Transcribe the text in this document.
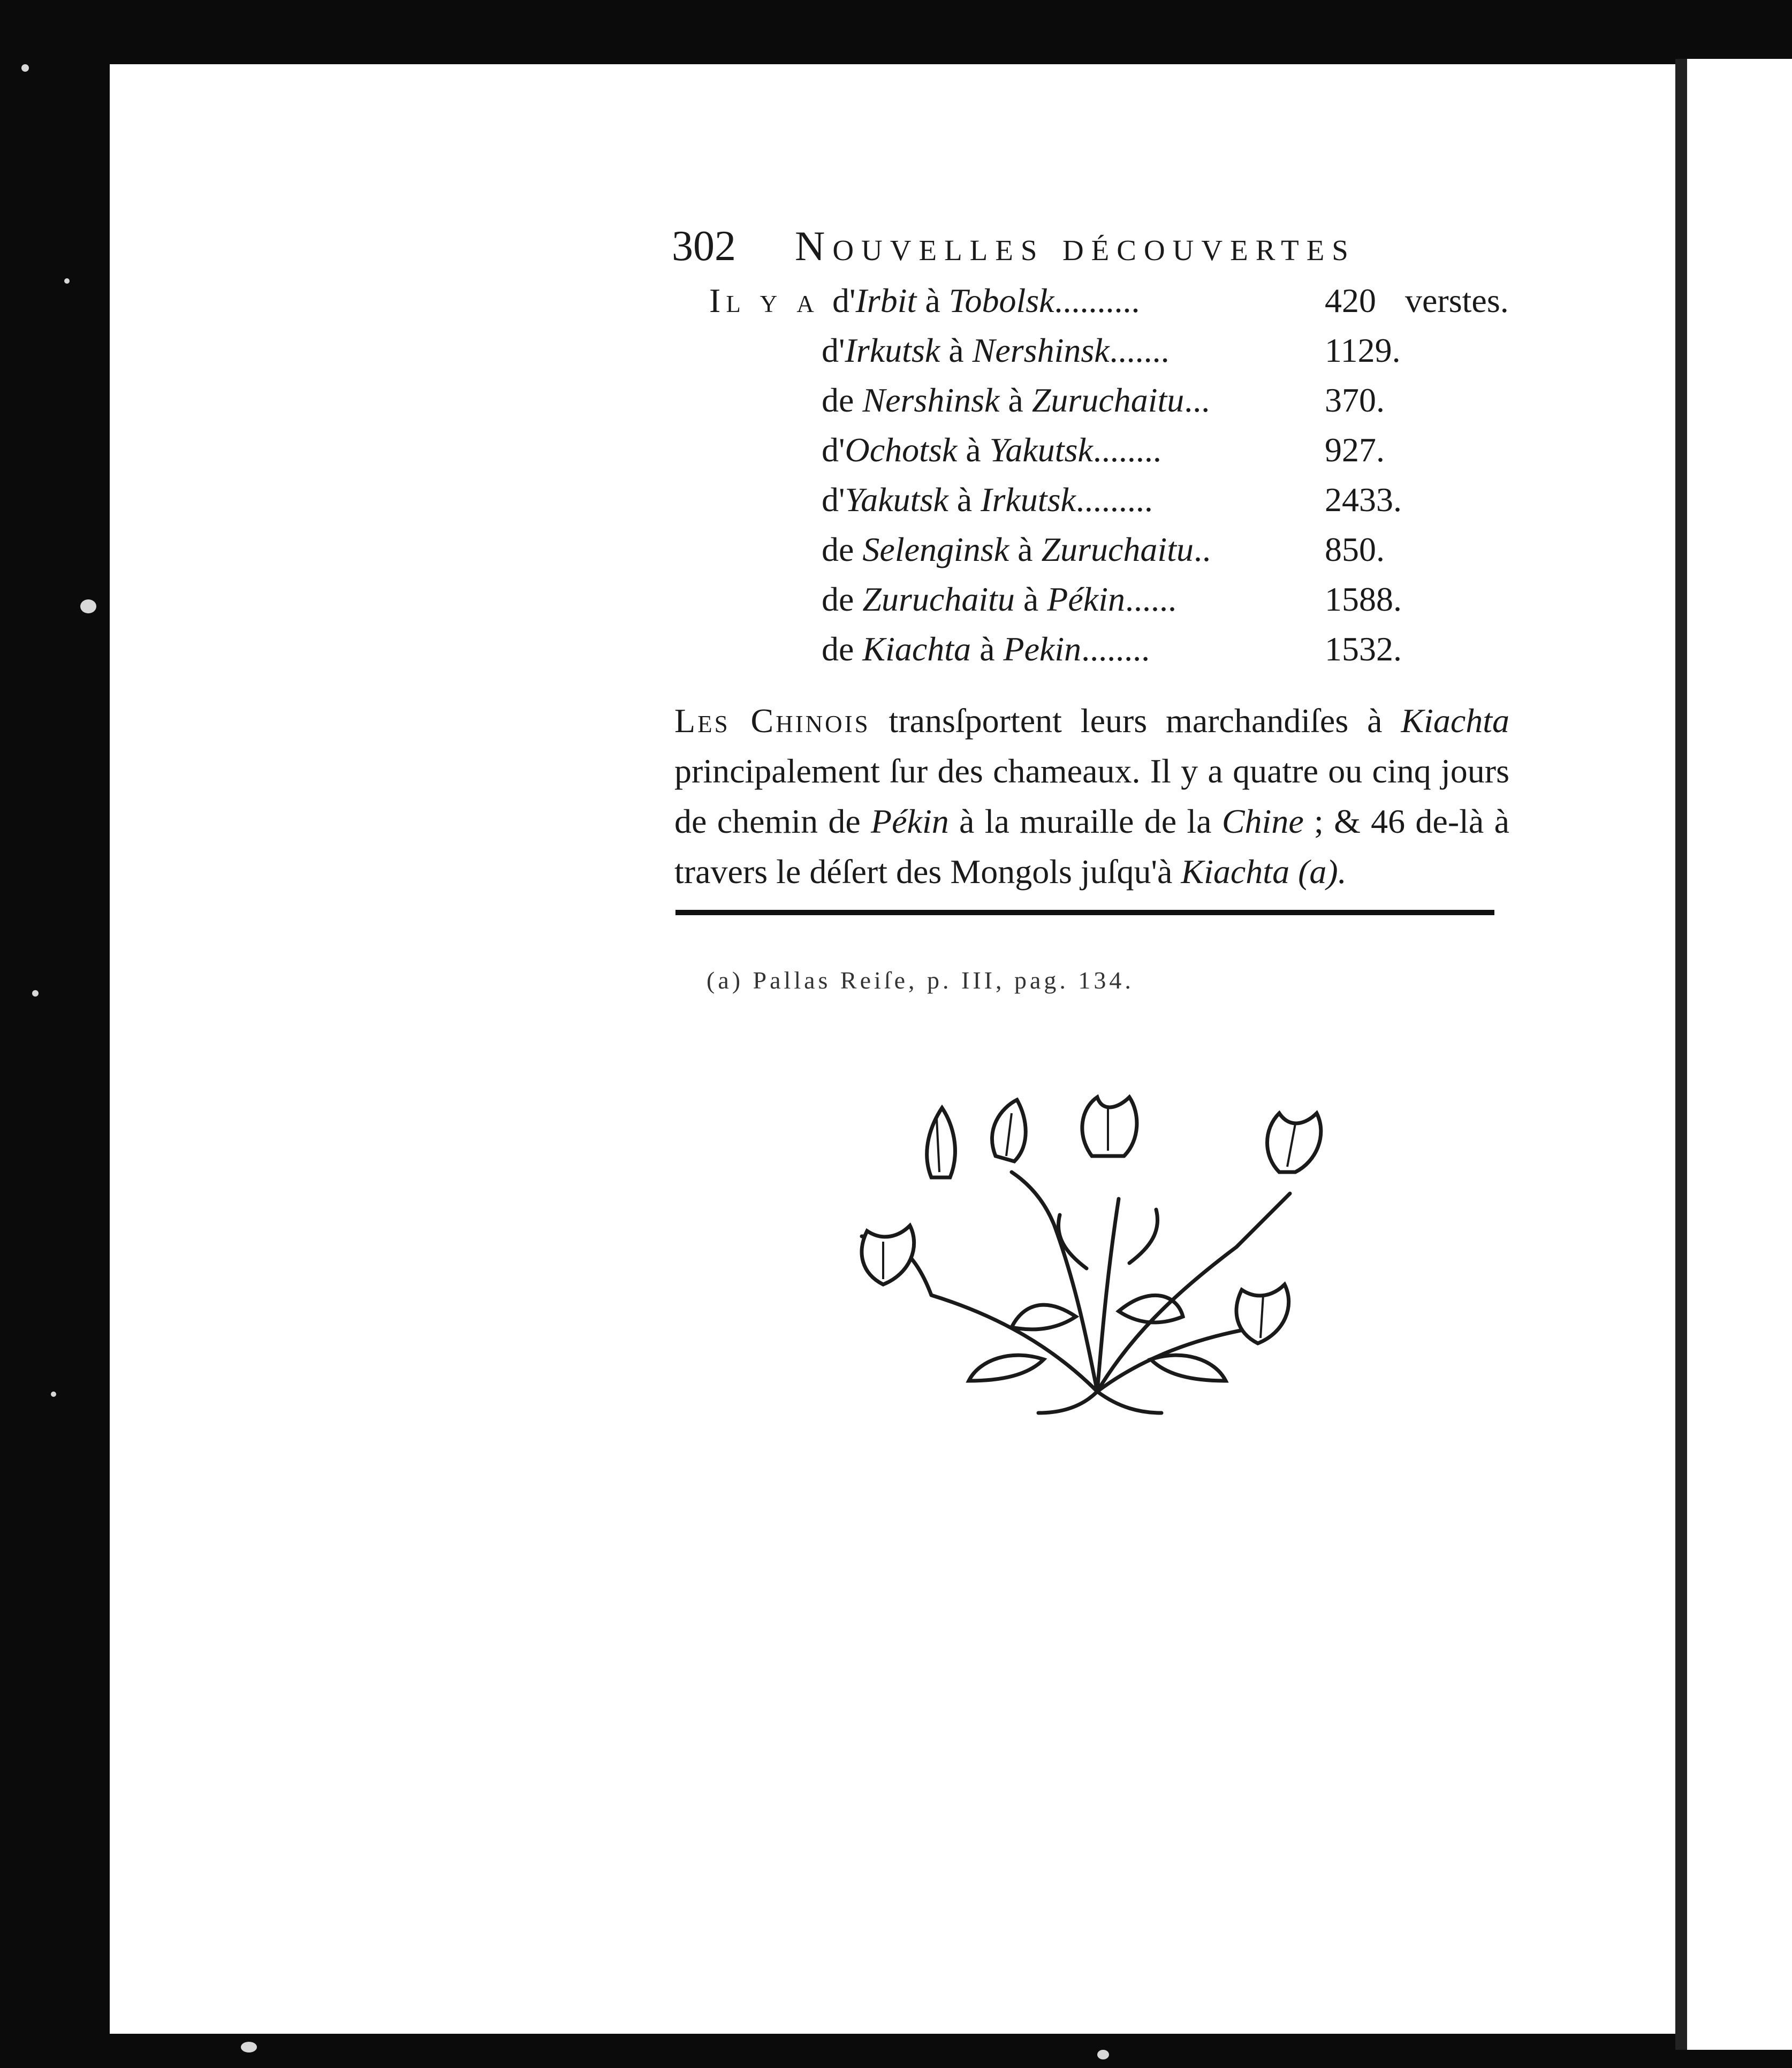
302 Nouvelles découvertes
Il y a d'Irbit à Tobolsk..........	420 verstes.
d'Irkutsk à Nershinsk.......	1129.
de Nershinsk à Zuruchaitu...	370.
d'Ochotsk à Yakutsk........	927.
d'Yakutsk à Irkutsk.........	2433.
de Selenginsk à Zuruchaitu..	850.
de Zuruchaitu à Pékin......	1588.
de Kiachta à Pekin........	1532.
Les Chinois transſportent leurs marchandiſes à Kiachta principalement ſur des chameaux. Il y a quatre ou cinq jours de chemin de Pékin à la muraille de la Chine ; & 46 de-là à travers le déſert des Mongols juſqu'à Kiachta (a).
(a) Pallas Reiſe, p. III, pag. 134.
